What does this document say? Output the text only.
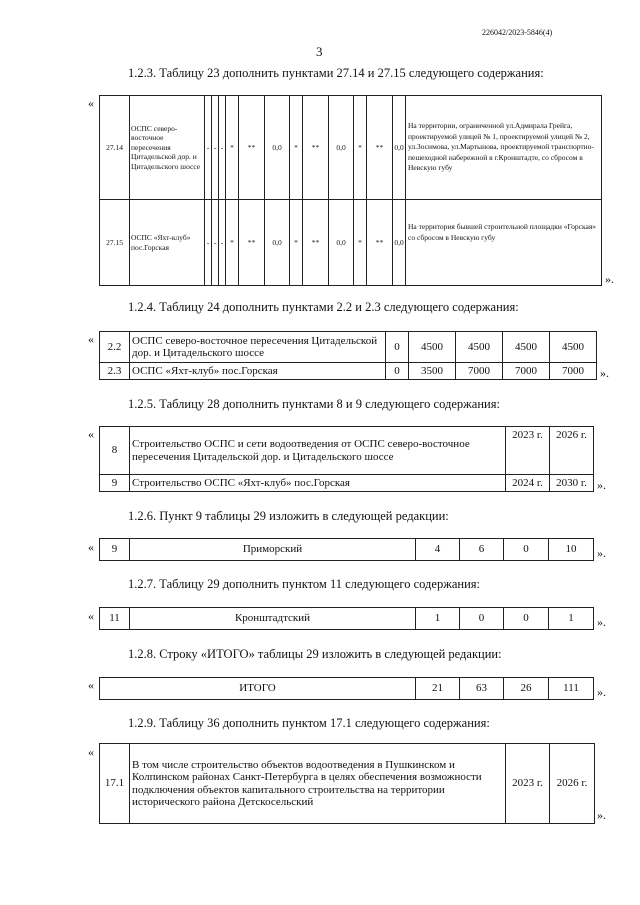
226042/2023-5846(4)
3
1.2.3. Таблицу 23 дополнить пунктами 27.14 и 27.15 следующего содержания:
«
27.14	ОСПС северо-восточное пересечения Цитадельской дор. и Цитадельского шоссе	-	-	-	*	**	0,0	*	**	0,0	*	**	0,0	На территории, ограниченной ул.Адмирала Грейга, проектируемой улицей № 1, проектируемой улицей № 2, ул.Зосимова, ул.Мартынова, проектируемой транспортно-пешеходной набережной в г.Кронштадте, со сбросом в Невскую губу
27.15	ОСПС «Яхт-клуб» пос.Горская	-	-	-	*	**	0,0	*	**	0,0	*	**	0,0	На территория бывшей строительной площадки «Горская» со сбросом в Невскую губу
».
1.2.4. Таблицу 24 дополнить пунктами 2.2 и 2.3 следующего содержания:
«
2.2	ОСПС северо-восточное пересечения Цитадельской дор. и Цитадельского шоссе	0	4500	4500	4500	4500
2.3	ОСПС «Яхт-клуб» пос.Горская	0	3500	7000	7000	7000 ».
1.2.5. Таблицу 28 дополнить пунктами 8 и 9 следующего содержания:
«
8	Строительство ОСПС и сети водоотведения от ОСПС северо-восточное пересечения Цитадельской дор. и Цитадельского шоссе	2023 г.	2026 г.
9	Строительство ОСПС «Яхт-клуб» пос.Горская	2024 г.	2030 г. ».
1.2.6. Пункт 9 таблицы 29 изложить в следующей редакции:
« 9	Приморский	4	6	0	10 ».
1.2.7. Таблицу 29 дополнить пунктом 11 следующего содержания:
« 11	Кронштадтский	1	0	0	1 ».
1.2.8. Строку «ИТОГО» таблицы 29 изложить в следующей редакции:
«	ИТОГО	21	63	26	111 ».
1.2.9. Таблицу 36 дополнить пунктом 17.1 следующего содержания:
«
17.1	В том числе строительство объектов водоотведения в Пушкинском и Колпинском районах Санкт-Петербурга в целях обеспечения возможности подключения объектов капитального строительства на территории исторического района Детскосельский	2023 г.	2026 г.
».
